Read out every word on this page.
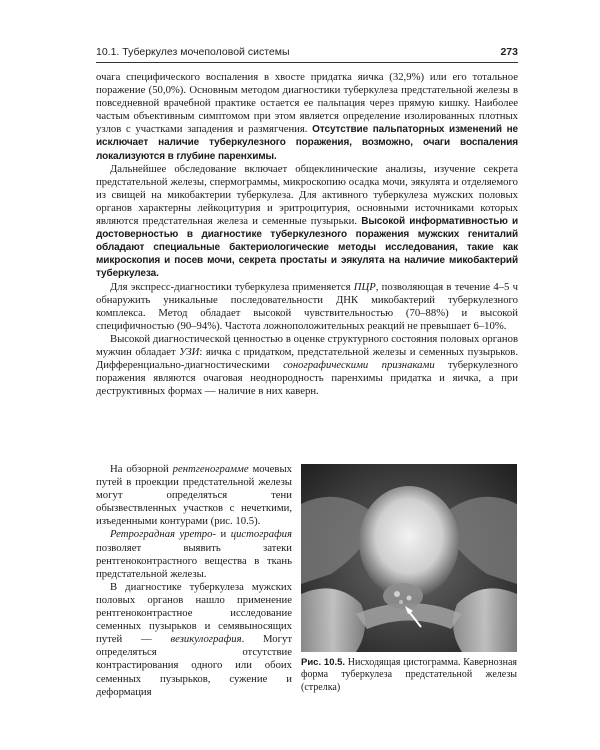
10.1. Туберкулез мочеполовой системы	273

очага специфического воспаления в хвосте придатка яичка (32,9%) или его тотальное поражение (50,0%). Основным методом диагностики туберкулеза предстательной железы в повседневной врачебной практике остается ее пальпация через прямую кишку. Наиболее частым объективным симптомом при этом является определение изолированных плотных узлов с участками западения и размягчения. Отсутствие пальпаторных изменений не исключает наличие туберкулезного поражения, возможно, очаги воспаления локализуются в глубине паренхимы.

Дальнейшее обследование включает общеклинические анализы, изучение секрета предстательной железы, спермограммы, микроскопию осадка мочи, эякулята и отделяемого из свищей на микобактерии туберкулеза. Для активного туберкулеза мужских половых органов характерны лейкоцитурия и эритроцитурия, основными источниками которых являются предстательная железа и семенные пузырьки. Высокой информативностью и достоверностью в диагностике туберкулезного поражения мужских гениталий обладают специальные бактериологические методы исследования, такие как микроскопия и посев мочи, секрета простаты и эякулята на наличие микобактерий туберкулеза.

Для экспресс-диагностики туберкулеза применяется ПЦР, позволяющая в течение 4–5 ч обнаружить уникальные последовательности ДНК микобактерий туберкулезного комплекса. Метод обладает высокой чувствительностью (70–88%) и высокой специфичностью (90–94%). Частота ложноположительных реакций не превышает 6–10%.

Высокой диагностической ценностью в оценке структурного состояния половых органов мужчин обладает УЗИ: яичка с придатком, предстательной железы и семенных пузырьков. Дифференциально-диагностическими сонографическими признаками туберкулезного поражения являются очаговая неоднородность паренхимы придатка и яичка, а при деструктивных формах — наличие в них каверн.

На обзорной рентгенограмме мочевых путей в проекции предстательной железы могут определяться тени обызвествленных участков с нечеткими, изъеденными контурами (рис. 10.5).

Ретроградная уретро- и цистография позволяет выявить затеки рентгеноконтрастного вещества в ткань предстательной железы.

В диагностике туберкулеза мужских половых органов нашло применение рентгеноконтрастное исследование семенных пузырьков и семявыносящих путей — везикулография. Могут определяться отсутствие контрастирования одного или обоих семенных пузырьков, сужение и деформация

Рис. 10.5. Нисходящая цистограмма. Кавернозная форма туберкулеза предстательной железы (стрелка)
